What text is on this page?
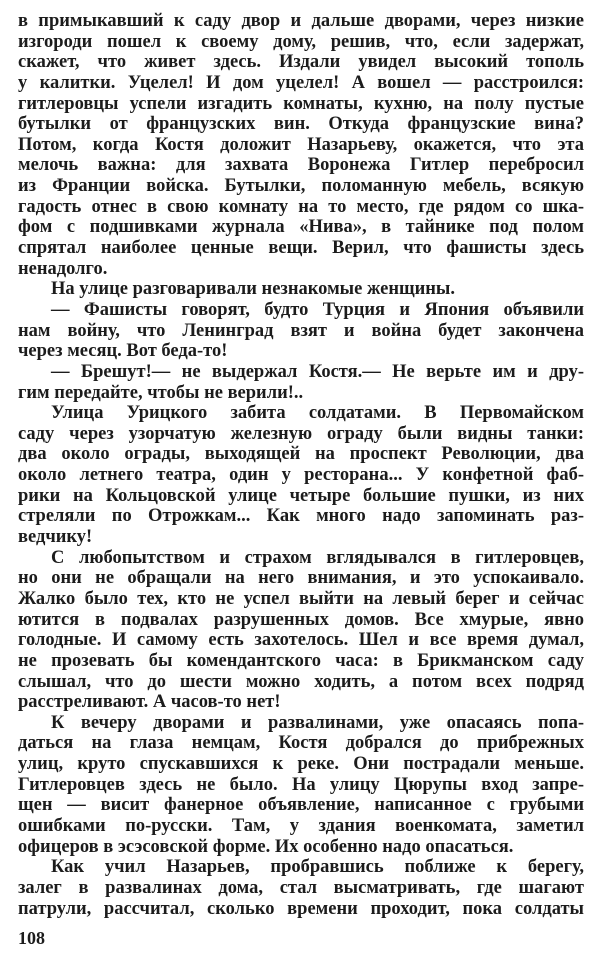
в примыкавший к саду двор и дальше дворами, через низкие
изгороди пошел к своему дому, решив, что, если задержат,
скажет, что живет здесь. Издали увидел высокий тополь
у калитки. Уцелел! И дом уцелел! А вошел — расстроился:
гитлеровцы успели изгадить комнаты, кухню, на полу пустые
бутылки от французских вин. Откуда французские вина?
Потом, когда Костя доложит Назарьеву, окажется, что эта
мелочь важна: для захвата Воронежа Гитлер перебросил
из Франции войска. Бутылки, поломанную мебель, всякую
гадость отнес в свою комнату на то место, где рядом со шка-
фом с подшивками журнала «Нива», в тайнике под полом
спрятал наиболее ценные вещи. Верил, что фашисты здесь
ненадолго.
На улице разговаривали незнакомые женщины.
— Фашисты говорят, будто Турция и Япония объявили
нам войну, что Ленинград взят и война будет закончена
через месяц. Вот беда-то!
— Брешут!— не выдержал Костя.— Не верьте им и дру-
гим передайте, чтобы не верили!..
Улица Урицкого забита солдатами. В Первомайском
саду через узорчатую железную ограду были видны танки:
два около ограды, выходящей на проспект Революции, два
около летнего театра, один у ресторана... У конфетной фаб-
рики на Кольцовской улице четыре большие пушки, из них
стреляли по Отрожкам... Как много надо запоминать раз-
ведчику!
С любопытством и страхом вглядывался в гитлеровцев,
но они не обращали на него внимания, и это успокаивало.
Жалко было тех, кто не успел выйти на левый берег и сейчас
ютится в подвалах разрушенных домов. Все хмурые, явно
голодные. И самому есть захотелось. Шел и все время думал,
не прозевать бы комендантского часа: в Брикманском саду
слышал, что до шести можно ходить, а потом всех подряд
расстреливают. А часов-то нет!
К вечеру дворами и развалинами, уже опасаясь попа-
даться на глаза немцам, Костя добрался до прибрежных
улиц, круто спускавшихся к реке. Они пострадали меньше.
Гитлеровцев здесь не было. На улицу Цюрупы вход запре-
щен — висит фанерное объявление, написанное с грубыми
ошибками по-русски. Там, у здания военкомата, заметил
офицеров в эсэсовской форме. Их особенно надо опасаться.
Как учил Назарьев, пробравшись поближе к берегу,
залег в развалинах дома, стал высматривать, где шагают
патрули, рассчитал, сколько времени проходит, пока солдаты
108
